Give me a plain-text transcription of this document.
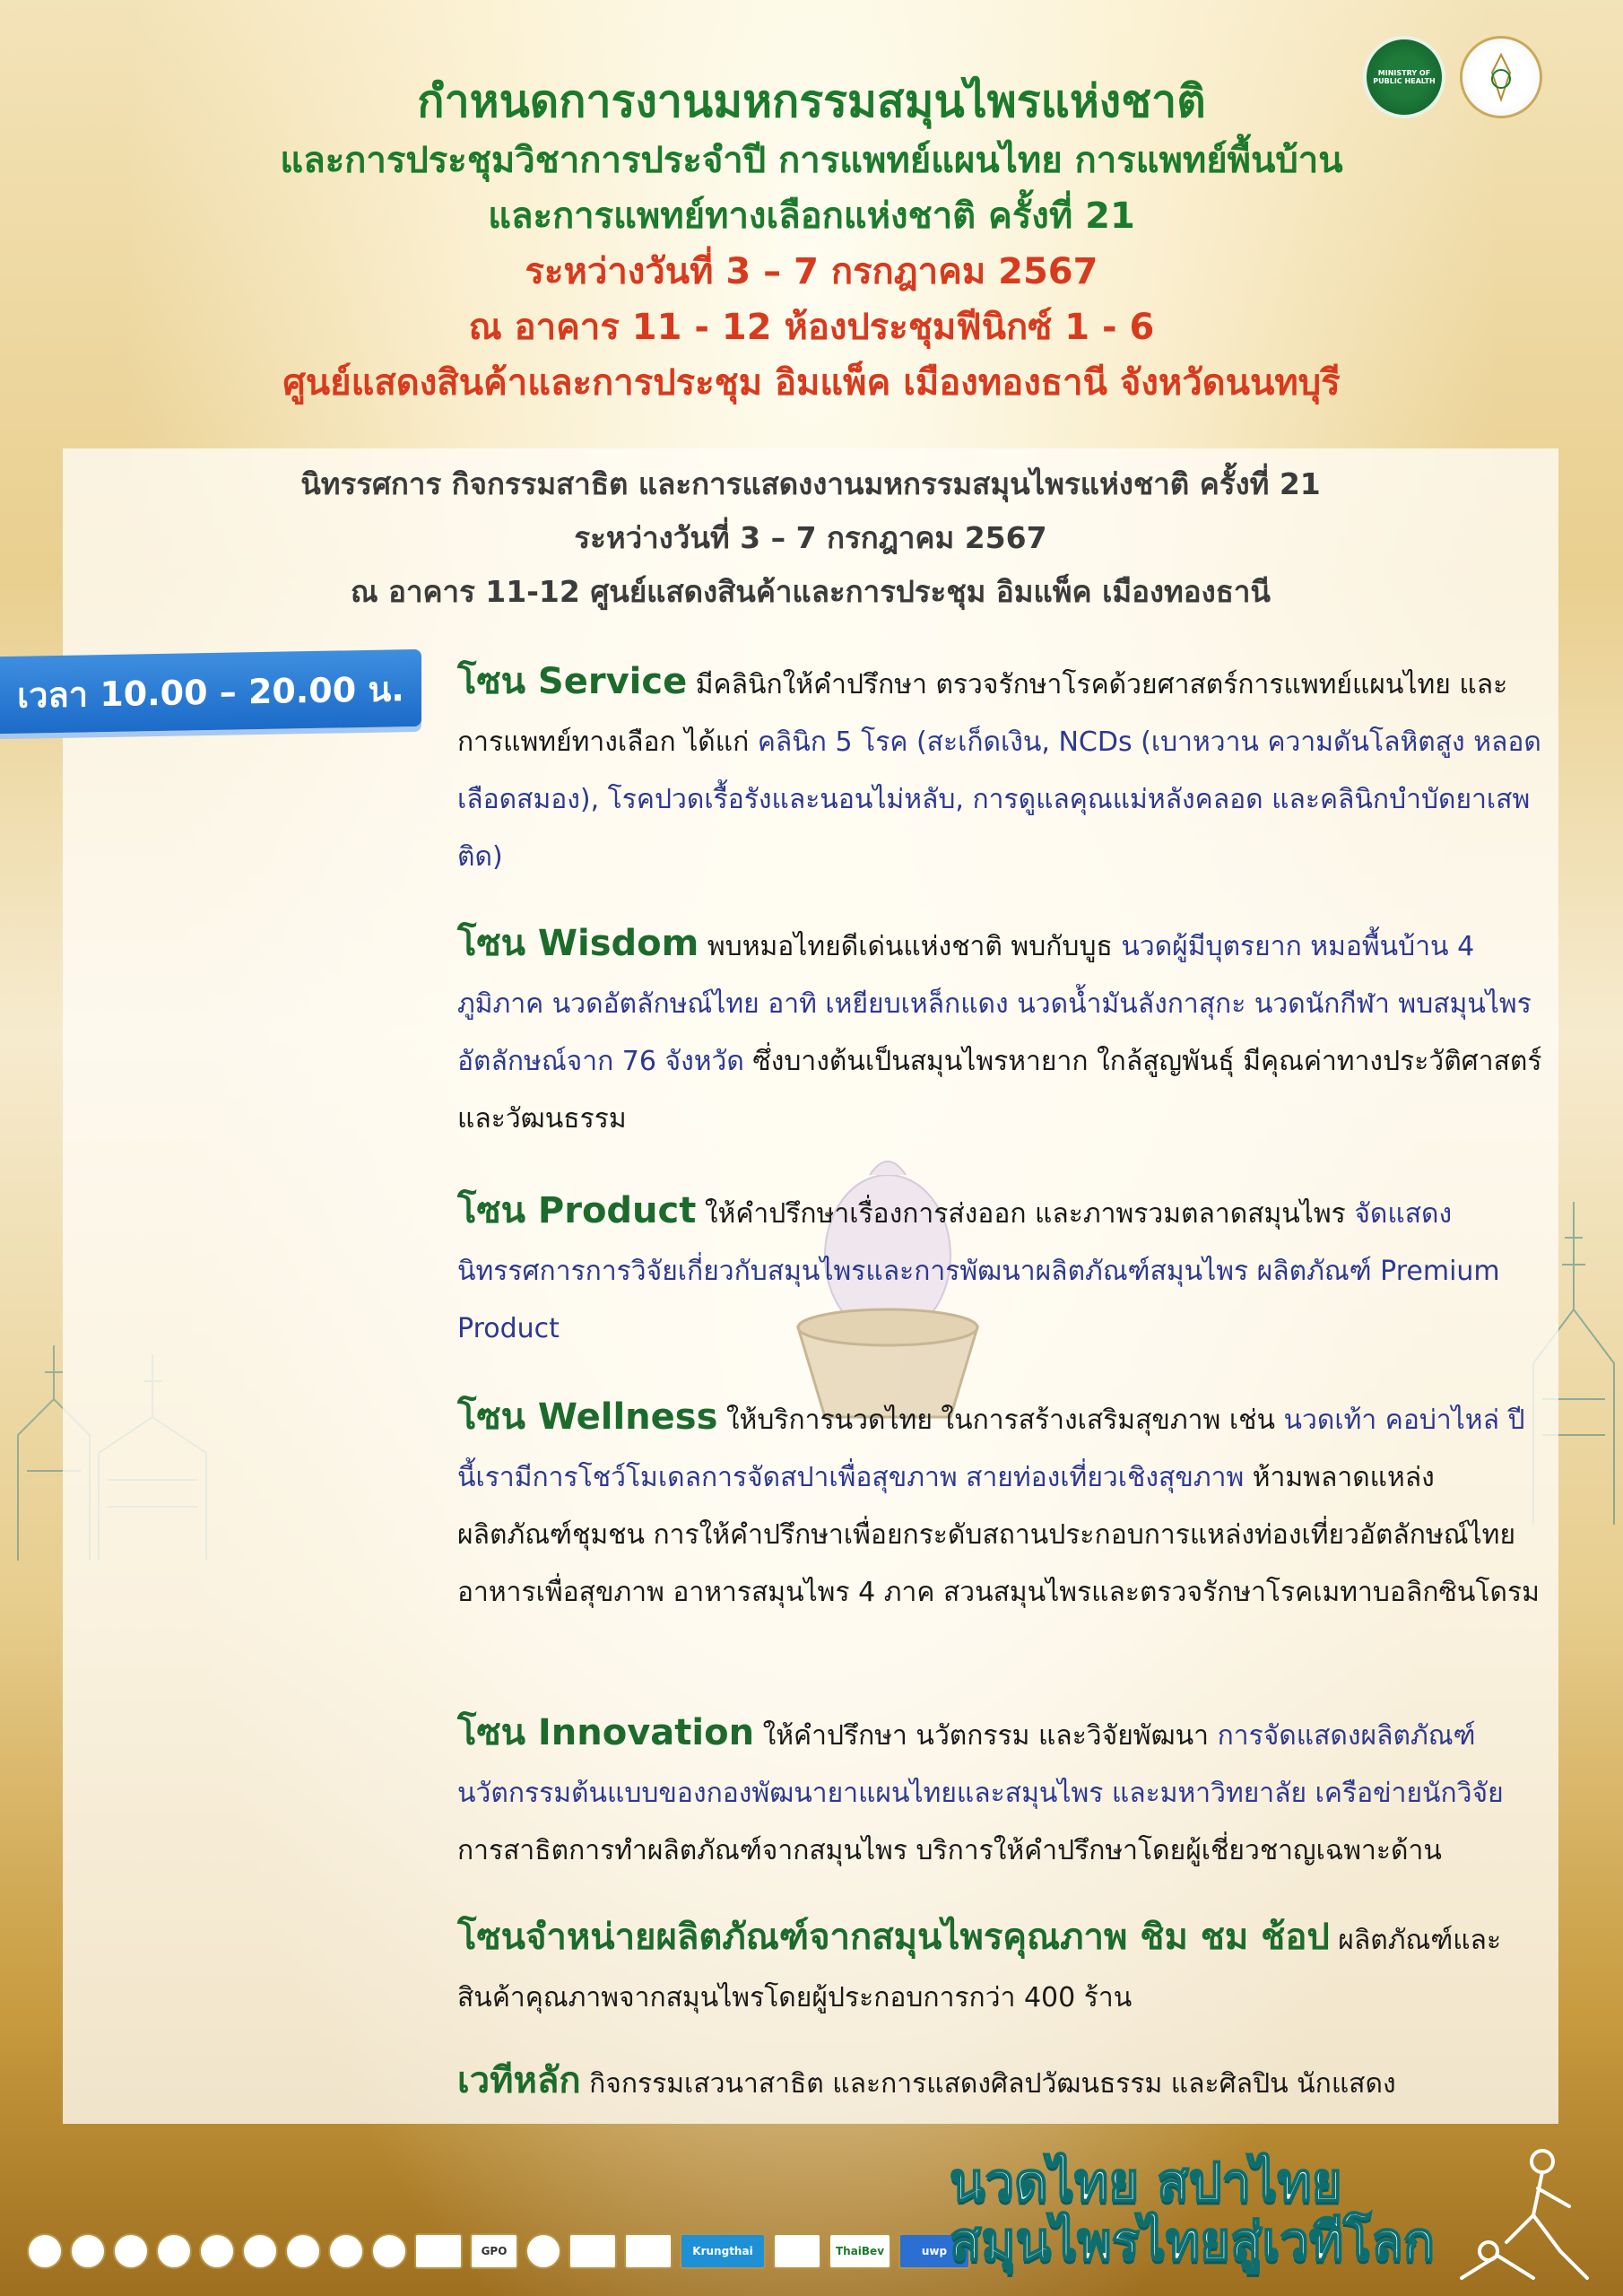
MINISTRY OF PUBLIC HEALTH
กำหนดการงานมหกรรมสมุนไพรแห่งชาติ
และการประชุมวิชาการประจำปี การแพทย์แผนไทย การแพทย์พื้นบ้าน
และการแพทย์ทางเลือกแห่งชาติ ครั้งที่ 21
ระหว่างวันที่ 3 – 7 กรกฎาคม 2567
ณ อาคาร 11 - 12 ห้องประชุมฟีนิกซ์ 1 - 6
ศูนย์แสดงสินค้าและการประชุม อิมแพ็ค เมืองทองธานี จังหวัดนนทบุรี
นิทรรศการ กิจกรรมสาธิต และการแสดงงานมหกรรมสมุนไพรแห่งชาติ ครั้งที่ 21
ระหว่างวันที่ 3 – 7 กรกฎาคม 2567
ณ อาคาร 11-12 ศูนย์แสดงสินค้าและการประชุม อิมแพ็ค เมืองทองธานี
เวลา 10.00 – 20.00 น. โซน Service มีคลินิกให้คำปรึกษา ตรวจรักษาโรคด้วยศาสตร์การแพทย์แผนไทย และการแพทย์ทางเลือก ได้แก่ คลินิก 5 โรค (สะเก็ดเงิน, NCDs (เบาหวาน ความดันโลหิตสูง หลอดเลือดสมอง), โรคปวดเรื้อรังและนอนไม่หลับ, การดูแลคุณแม่หลังคลอด และคลินิกบำบัดยาเสพติด)

โซน Wisdom พบหมอไทยดีเด่นแห่งชาติ พบกับบูธ นวดผู้มีบุตรยาก หมอพื้นบ้าน 4 ภูมิภาค นวดอัตลักษณ์ไทย อาทิ เหยียบเหล็กแดง นวดน้ำมันลังกาสุกะ นวดนักกีฬา พบสมุนไพรอัตลักษณ์จาก 76 จังหวัด ซึ่งบางต้นเป็นสมุนไพรหายาก ใกล้สูญพันธุ์ มีคุณค่าทางประวัติศาสตร์และวัฒนธรรม

โซน Product ให้คำปรึกษาเรื่องการส่งออก และภาพรวมตลาดสมุนไพร จัดแสดงนิทรรศการการวิจัยเกี่ยวกับสมุนไพรและการพัฒนาผลิตภัณฑ์สมุนไพร ผลิตภัณฑ์ Premium Product

โซน Wellness ให้บริการนวดไทย ในการสร้างเสริมสุขภาพ เช่น นวดเท้า คอบ่าไหล่ ปีนี้เรามีการโชว์โมเดลการจัดสปาเพื่อสุขภาพ สายท่องเที่ยวเชิงสุขภาพ ห้ามพลาดแหล่งผลิตภัณฑ์ชุมชน การให้คำปรึกษาเพื่อยกระดับสถานประกอบการแหล่งท่องเที่ยวอัตลักษณ์ไทย อาหารเพื่อสุขภาพ อาหารสมุนไพร 4 ภาค สวนสมุนไพรและตรวจรักษาโรคเมทาบอลิกซินโดรม

โซน Innovation ให้คำปรึกษา นวัตกรรม และวิจัยพัฒนา การจัดแสดงผลิตภัณฑ์นวัตกรรมต้นแบบของกองพัฒนายาแผนไทยและสมุนไพร และมหาวิทยาลัย เครือข่ายนักวิจัย การสาธิตการทำผลิตภัณฑ์จากสมุนไพร บริการให้คำปรึกษาโดยผู้เชี่ยวชาญเฉพาะด้าน

โซนจำหน่ายผลิตภัณฑ์จากสมุนไพรคุณภาพ ชิม ชม ช้อป ผลิตภัณฑ์และสินค้าคุณภาพจากสมุนไพรโดยผู้ประกอบการกว่า 400 ร้าน

เวทีหลัก กิจกรรมเสวนาสาธิต และการแสดงศิลปวัฒนธรรม และศิลปิน นักแสดง

GPO	Krungthai	ThaiBev	uwp
นวดไทย สปาไทย
สมุนไพรไทยสู่เวทีโลก
